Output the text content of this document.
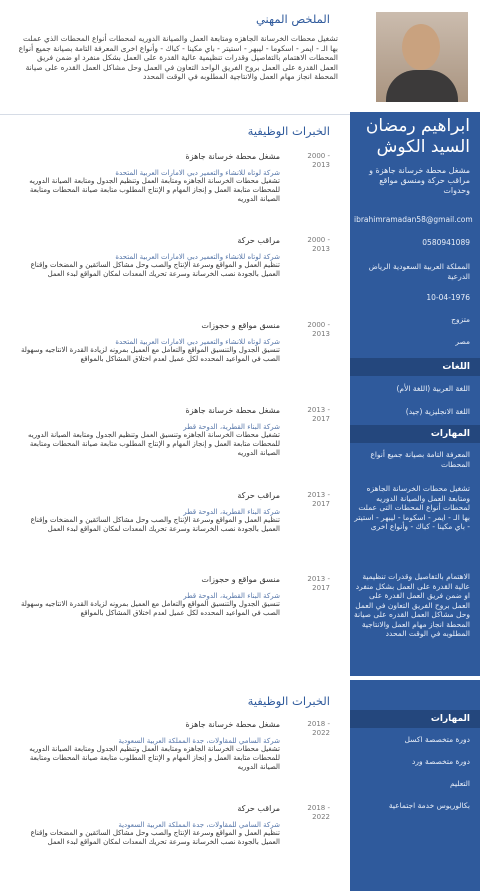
ابراهيم رمضان السيد الكوش
مشغل محطة خرسانة جاهزة و مراقب حركة ومنسق مواقع وحدوات
ibrahimramadan58@gmail.com
0580941089
المملكة العربية السعودية الرياض الدرعية
10-04-1976
متزوج
مصر
اللغات
اللغة العربية (اللغة الأم)
اللغة الانجليزية (جيد)
المهارات
المعرفة التامة بصيانة جميع أنواع المحطات
تشغيل محطات الخرسانة الجاهزه ومتابعة العمل والصيانة الدوريه لمحطات أنواع المحطات التى عملت بها الـ - ايمر - اسكوما - ليبهر - استيتر - باي مكينا - كباك - وأنواع اخرى
الاهتمام بالتفاصيل وقدرات تنظيمية عالية القدرة على العمل بشكل منفرد او ضمن فريق العمل القدرة على العمل بروح الفريق التعاون في العمل وحل مشاكل العمل القدره على صيانة المحطة انجاز مهام العمل والانتاجية المطلوبه في الوقت المحدد
الملخص المهني
تشغيل محطات الخرسانة الجاهزه ومتابعة العمل والصيانة الدوريه لمحطات أنواع المحطات الذي عملت بها الـ - ايمر - اسكوما - ليبهر - استيتر - باي مكينا - كباك - وأنواع اخرى المعرفة التامة بصيانة جميع أنواع المحطات الاهتمام بالتفاصيل وقدرات تنظيمية عالية القدرة على العمل بشكل منفرد او ضمن فريق العمل القدرة على العمل بروح الفريق الواحد التعاون في العمل وحل مشاكل العمل القدره على صيانة المحطة انجاز مهام العمل والانتاجية المطلوبه في الوقت المحدد
الخبرات الوظيفية
2000 - 2013
مشغل محطة خرسانة جاهزة
شركة لوتاه للانشاء والتعمير دبي الامارات العربية المتحدة
تشغيل محطات الخرسانة الجاهزه ومتابعة العمل وتنظيم الجدول ومتابعة الصيانة الدوريه للمحطات متابعة العمل و إنجاز المهام و الإنتاج المطلوب متابعة صيانة المحطات ومتابعة الصيانة الدوريه
2000 - 2013
مراقب حركة
شركة لوتاه للانشاء والتعمير دبي الامارات العربية المتحدة
تنظيم العمل و المواقع وسرعة الإنتاج والصب وحل مشاكل السائقين و المضخات وإقناع العميل بالجودة نصب الخرسانة وسرعة تحريك المعدات لمكان المواقع لبدء العمل
2000 - 2013
منسق مواقع و حجوزات
شركة لوتاه للانشاء والتعمير دبي الامارات العربية المتحدة
تنسيق الجدول والتنسيق المواقع والتعامل مع العميل بمرونه لزيادة القدرة الانتاجيه وسهولة الصب في المواعيد المحدده لكل عميل لعدم اختلاق المشاكل بالمواقع
2013 - 2017
مشغل محطة خرسانة جاهزة
شركة البناء القطرية، الدوحة قطر
تشغيل محطات الخرسانة الجاهزه وتنسيق العمل وتنظيم الجدول ومتابعة الصيانة الدوريه للمحطات متابعة العمل و إنجاز المهام و الإنتاج المطلوب متابعة صيانة المحطات ومتابعة الصيانة الدوريه
2013 - 2017
مراقب حركة
شركة البناء القطرية، الدوحة قطر
تنظيم العمل و المواقع وسرعة الإنتاج والصب وحل مشاكل السائقين و المضخات وإقناع العميل بالجودة نصب الخرسانة وسرعة تحريك المعدات لمكان المواقع لبدء العمل
2013 - 2017
منسق مواقع و حجوزات
شركة البناء القطرية، الدوحة قطر
تنسيق الجدول والتنسيق المواقع والتعامل مع العميل بمرونه لزيادة القدرة الانتاجيه وسهولة الصب في المواعيد المحدده لكل عميل لعدم اختلاق المشاكل بالمواقع
المهارات
دورة متخصصة اكسل
دورة متخصصة ورد
التعليم
بكالوريوس خدمة اجتماعية
الخبرات الوظيفية
2018 - 2022
مشغل محطة خرسانة جاهزة
شركة السامي للمقاولات، جدة المملكة العربية السعودية
تشغيل محطات الخرسانة الجاهزه ومتابعة العمل وتنظيم الجدول ومتابعة الصيانة الدوريه للمحطات متابعة العمل و إنجاز المهام و الإنتاج المطلوب متابعة صيانة المحطات ومتابعة الصيانة الدوريه
2018 - 2022
مراقب حركة
شركة السامي للمقاولات، جدة المملكة العربية السعودية
تنظيم العمل و المواقع وسرعة الإنتاج والصب وحل مشاكل السائقين و المضخات وإقناع العميل بالجودة نصب الخرسانة وسرعة تحريك المعدات لمكان المواقع لبدء العمل
